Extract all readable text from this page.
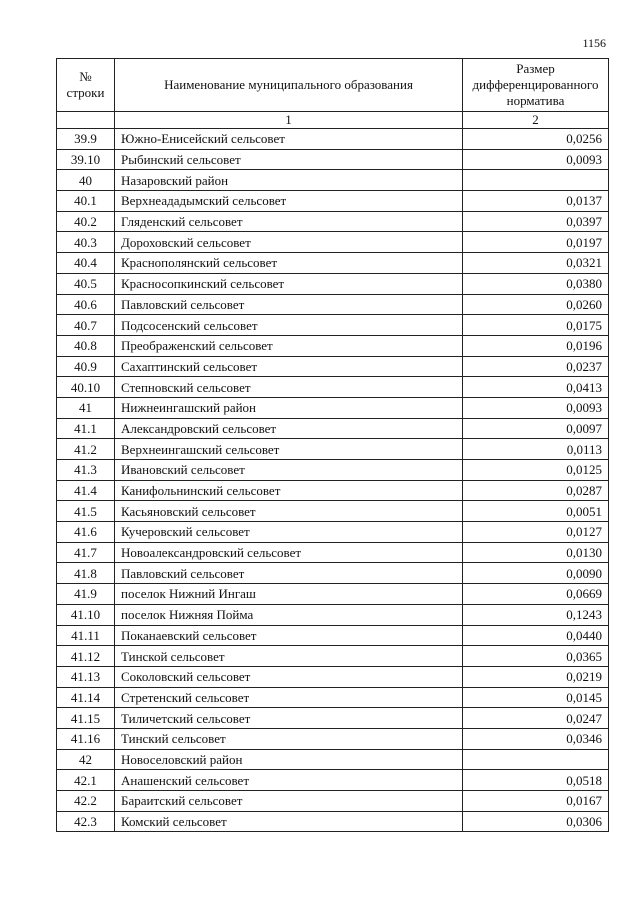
1156
№ строки	Наименование муниципального образования	Размер дифференцированного норматива
	1	2
39.9	Южно-Енисейский сельсовет	0,0256
39.10	Рыбинский сельсовет	0,0093
40	Назаровский район	
40.1	Верхнеададымский сельсовет	0,0137
40.2	Гляденский сельсовет	0,0397
40.3	Дороховский сельсовет	0,0197
40.4	Краснополянский сельсовет	0,0321
40.5	Красносопкинский сельсовет	0,0380
40.6	Павловский сельсовет	0,0260
40.7	Подсосенский сельсовет	0,0175
40.8	Преображенский сельсовет	0,0196
40.9	Сахаптинский сельсовет	0,0237
40.10	Степновский сельсовет	0,0413
41	Нижнеингашский район	0,0093
41.1	Александровский сельсовет	0,0097
41.2	Верхнеингашский сельсовет	0,0113
41.3	Ивановский сельсовет	0,0125
41.4	Канифольнинский сельсовет	0,0287
41.5	Касьяновский сельсовет	0,0051
41.6	Кучеровский сельсовет	0,0127
41.7	Новоалександровский сельсовет	0,0130
41.8	Павловский сельсовет	0,0090
41.9	поселок Нижний Ингаш	0,0669
41.10	поселок Нижняя Пойма	0,1243
41.11	Поканаевский сельсовет	0,0440
41.12	Тинской сельсовет	0,0365
41.13	Соколовский сельсовет	0,0219
41.14	Стретенский сельсовет	0,0145
41.15	Тиличетский сельсовет	0,0247
41.16	Тинский сельсовет	0,0346
42	Новоселовский район	
42.1	Анашенский сельсовет	0,0518
42.2	Бараитский сельсовет	0,0167
42.3	Комский сельсовет	0,0306
